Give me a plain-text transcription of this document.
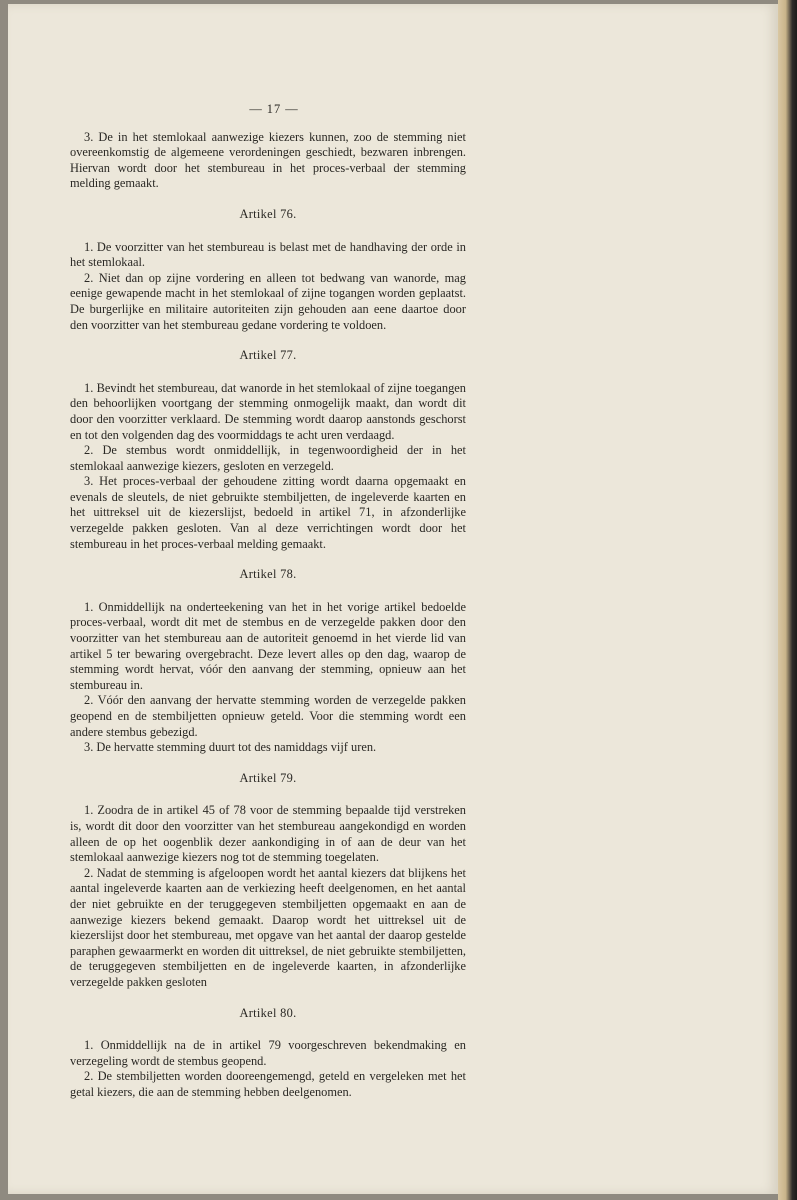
— 17 —

3. De in het stemlokaal aanwezige kiezers kunnen, zoo de stemming niet overeenkomstig de algemeene verordeningen geschiedt, bezwaren inbrengen. Hiervan wordt door het stembureau in het proces-verbaal der stemming melding gemaakt.

Artikel 76.

1. De voorzitter van het stembureau is belast met de handhaving der orde in het stemlokaal.

2. Niet dan op zijne vordering en alleen tot bedwang van wanorde, mag eenige gewapende macht in het stemlokaal of zijne togangen worden geplaatst. De burgerlijke en militaire autoriteiten zijn gehouden aan eene daartoe door den voorzitter van het stembureau gedane vordering te voldoen.

Artikel 77.

1. Bevindt het stembureau, dat wanorde in het stemlokaal of zijne toegangen den behoorlijken voortgang der stemming onmogelijk maakt, dan wordt dit door den voorzitter verklaard. De stemming wordt daarop aanstonds geschorst en tot den volgenden dag des voormiddags te acht uren verdaagd.

2. De stembus wordt onmiddellijk, in tegenwoordigheid der in het stemlokaal aanwezige kiezers, gesloten en verzegeld.

3. Het proces-verbaal der gehoudene zitting wordt daarna opgemaakt en evenals de sleutels, de niet gebruikte stembiljetten, de ingeleverde kaarten en het uittreksel uit de kiezerslijst, bedoeld in artikel 71, in afzonderlijke verzegelde pakken gesloten. Van al deze verrichtingen wordt door het stembureau in het proces-verbaal melding gemaakt.

Artikel 78.

1. Onmiddellijk na onderteekening van het in het vorige artikel bedoelde proces-verbaal, wordt dit met de stembus en de verzegelde pakken door den voorzitter van het stembureau aan de autoriteit genoemd in het vierde lid van artikel 5 ter bewaring overgebracht. Deze levert alles op den dag, waarop de stemming wordt hervat, vóór den aanvang der stemming, opnieuw aan het stembureau in.

2. Vóór den aanvang der hervatte stemming worden de verzegelde pakken geopend en de stembiljetten opnieuw geteld. Voor die stemming wordt een andere stembus gebezigd.

3. De hervatte stemming duurt tot des namiddags vijf uren.

Artikel 79.

1. Zoodra de in artikel 45 of 78 voor de stemming bepaalde tijd verstreken is, wordt dit door den voorzitter van het stembureau aangekondigd en worden alleen de op het oogenblik dezer aankondiging in of aan de deur van het stemlokaal aanwezige kiezers nog tot de stemming toegelaten.

2. Nadat de stemming is afgeloopen wordt het aantal kiezers dat blijkens het aantal ingeleverde kaarten aan de verkiezing heeft deelgenomen, en het aantal der niet gebruikte en der teruggegeven stembiljetten opgemaakt en aan de aanwezige kiezers bekend gemaakt. Daarop wordt het uittreksel uit de kiezerslijst door het stembureau, met opgave van het aantal der daarop gestelde paraphen gewaarmerkt en worden dit uittreksel, de niet gebruikte stembiljetten, de teruggegeven stembiljetten en de ingeleverde kaarten, in afzonderlijke verzegelde pakken gesloten

Artikel 80.

1. Onmiddellijk na de in artikel 79 voorgeschreven bekendmaking en verzegeling wordt de stembus geopend.

2. De stembiljetten worden dooreengemengd, geteld en vergeleken met het getal kiezers, die aan de stemming hebben deelgenomen.
